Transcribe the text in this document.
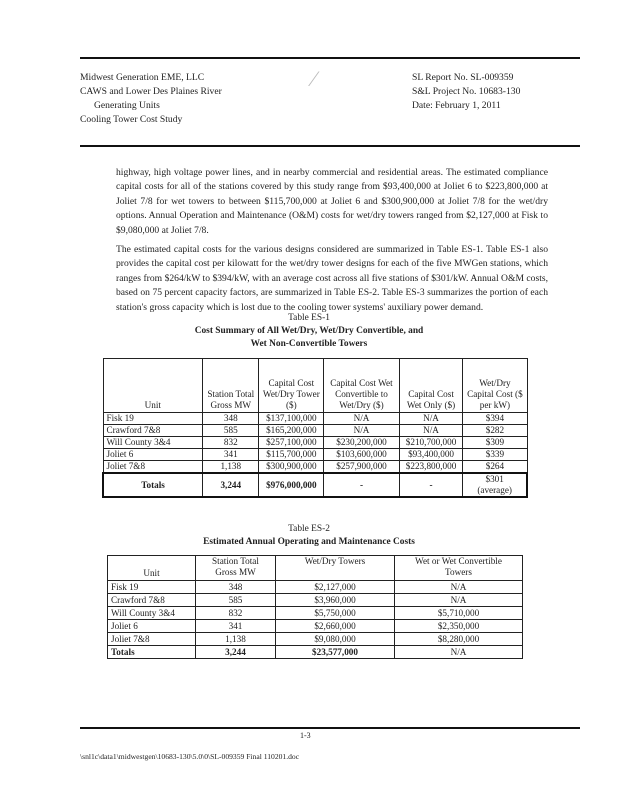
Midwest Generation EME, LLC
CAWS and Lower Des Plaines River
Generating Units
Cooling Tower Cost Study
SL Report No. SL-009359
S&L Project No. 10683-130
Date: February 1, 2011
⁄

highway, high voltage power lines, and in nearby commercial and residential areas. The estimated compliance capital costs for all of the stations covered by this study range from $93,400,000 at Joliet 6 to $223,800,000 at Joliet 7/8 for wet towers to between $115,700,000 at Joliet 6 and $300,900,000 at Joliet 7/8 for the wet/dry options. Annual Operation and Maintenance (O&M) costs for wet/dry towers ranged from $2,127,000 at Fisk to $9,080,000 at Joliet 7/8.

The estimated capital costs for the various designs considered are summarized in Table ES-1. Table ES-1 also provides the capital cost per kilowatt for the wet/dry tower designs for each of the five MWGen stations, which ranges from $264/kW to $394/kW, with an average cost across all five stations of $301/kW. Annual O&M costs, based on 75 percent capacity factors, are summarized in Table ES-2. Table ES-3 summarizes the portion of each station's gross capacity which is lost due to the cooling tower systems' auxiliary power demand.

Table ES-1
Cost Summary of All Wet/Dry, Wet/Dry Convertible, and
Wet Non-Convertible Towers
Unit	Station Total Gross MW	Capital Cost Wet/Dry Tower ($)	Capital Cost Wet Convertible to Wet/Dry ($)	Capital Cost Wet Only ($)	Wet/Dry Capital Cost ($ per kW)
Fisk 19	348	$137,100,000	N/A	N/A	$394
Crawford 7&8	585	$165,200,000	N/A	N/A	$282
Will County 3&4	832	$257,100,000	$230,200,000	$210,700,000	$309
Joliet 6	341	$115,700,000	$103,600,000	$93,400,000	$339
Joliet 7&8	1,138	$300,900,000	$257,900,000	$223,800,000	$264
Totals	3,244	$976,000,000	-	-	$301 (average)
Table ES-2
Estimated Annual Operating and Maintenance Costs
Unit	Station Total Gross MW	Wet/Dry Towers	Wet or Wet Convertible Towers
Fisk 19	348	$2,127,000	N/A
Crawford 7&8	585	$3,960,000	N/A
Will County 3&4	832	$5,750,000	$5,710,000
Joliet 6	341	$2,660,000	$2,350,000
Joliet 7&8	1,138	$9,080,000	$8,280,000
Totals	3,244	$23,577,000	N/A
1-3
\snl1c\data1\midwestgen\10683-130\5.0\0\SL-009359 Final 110201.doc
